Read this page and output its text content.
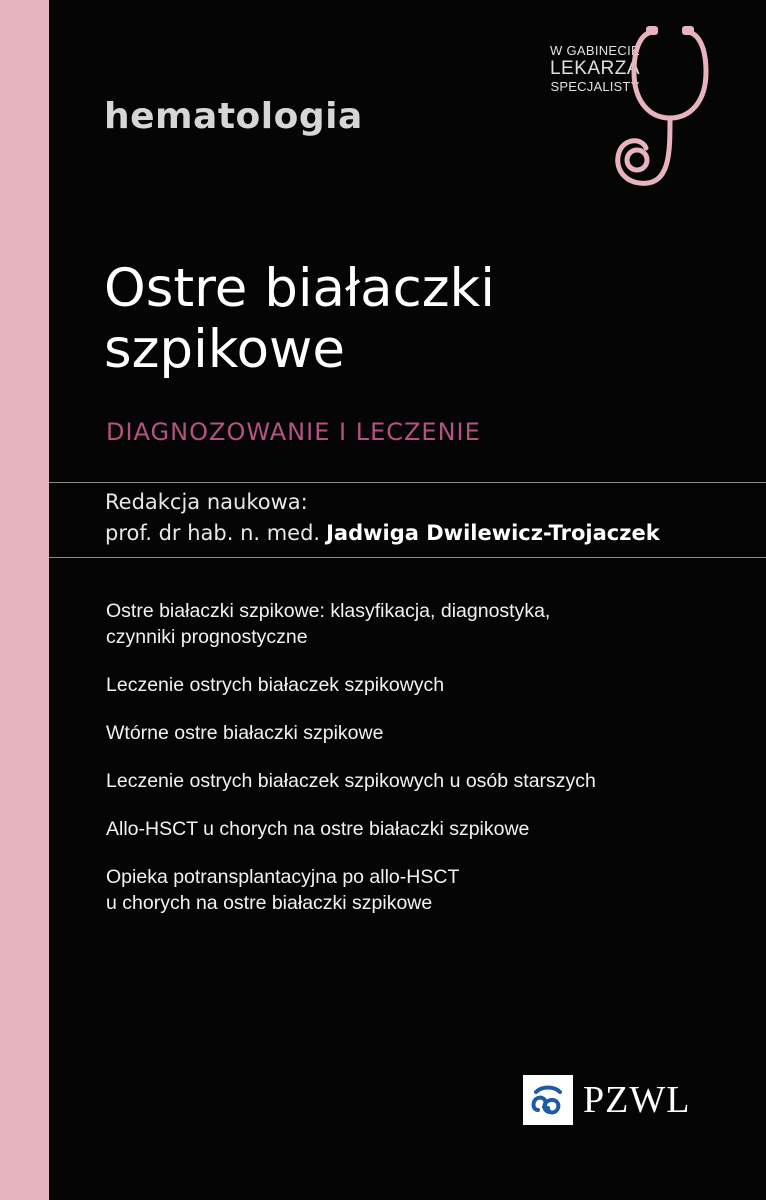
hematologia
W GABINECIE
LEKARZA
SPECJALISTY
Ostre białaczki
szpikowe
DIAGNOZOWANIE I LECZENIE
Redakcja naukowa:
prof. dr hab. n. med. Jadwiga Dwilewicz-Trojaczek
Ostre białaczki szpikowe: klasyfikacja, diagnostyka,
czynniki prognostyczne
Leczenie ostrych białaczek szpikowych
Wtórne ostre białaczki szpikowe
Leczenie ostrych białaczek szpikowych u osób starszych
Allo-HSCT u chorych na ostre białaczki szpikowe
Opieka potransplantacyjna po allo-HSCT
u chorych na ostre białaczki szpikowe
PZWL
